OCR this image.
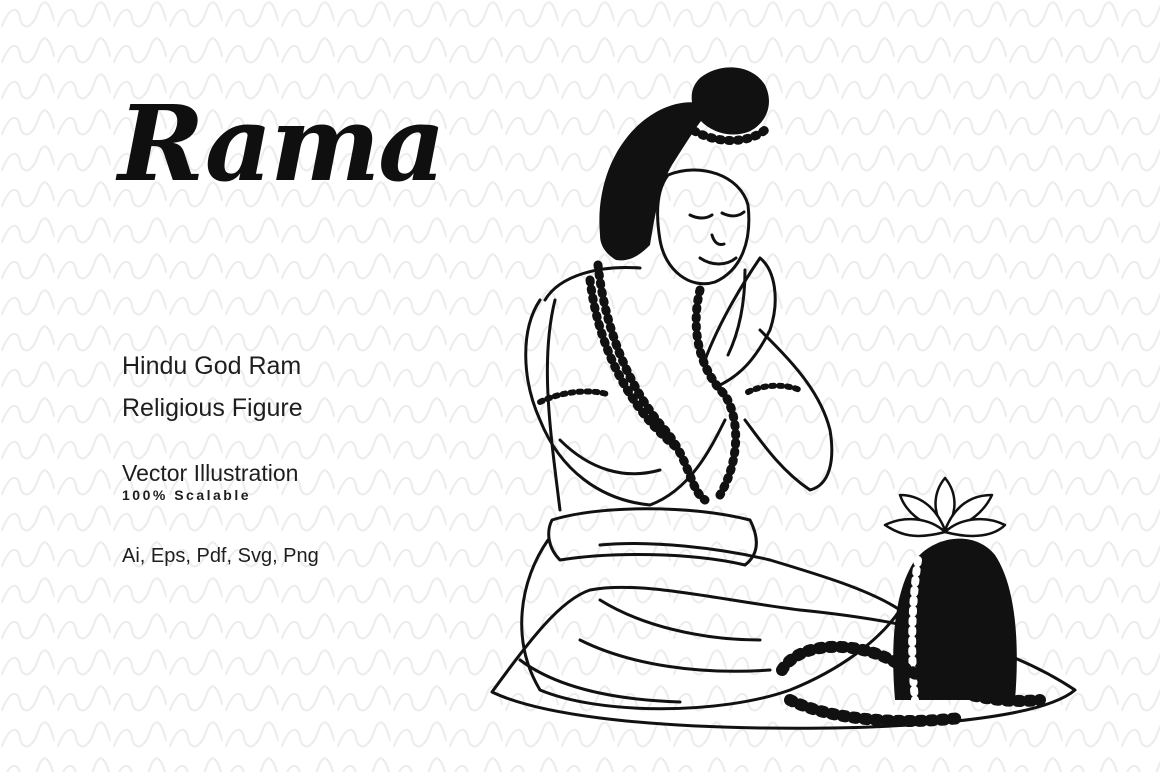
Rama
Hindu God Ram
Religious Figure
Vector Illustration
100% Scalable
Ai, Eps, Pdf, Svg, Png
